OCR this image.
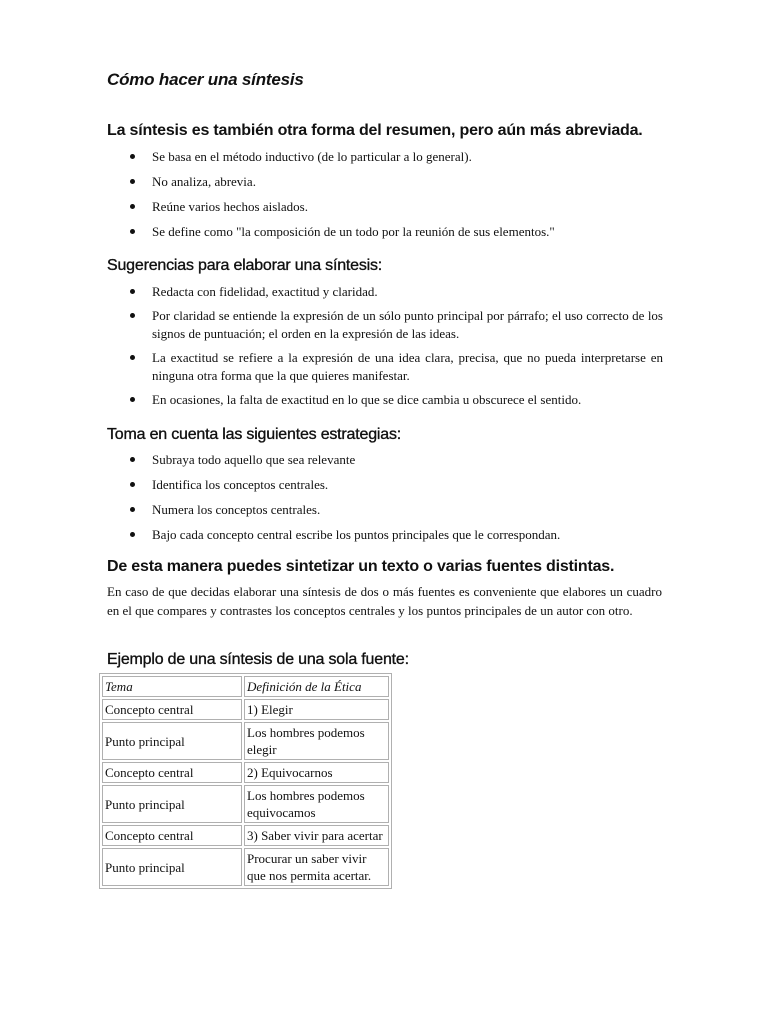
Cómo hacer una síntesis
La síntesis es también otra forma del resumen, pero aún más abreviada.
Se basa en el método inductivo (de lo particular a lo general).
No analiza, abrevia.
Reúne varios hechos aislados.
Se define como "la composición de un todo por la reunión de sus elementos."
Sugerencias para elaborar una síntesis:
Redacta con fidelidad, exactitud y claridad.
Por claridad se entiende la expresión de un sólo punto principal por párrafo; el uso correcto de los signos de puntuación; el orden en la expresión de las ideas.
La exactitud se refiere a la expresión de una idea clara, precisa, que no pueda interpretarse en ninguna otra forma que la que quieres manifestar.
En ocasiones, la falta de exactitud en lo que se dice cambia u obscurece el sentido.
Toma en cuenta las siguientes estrategias:
Subraya todo aquello que sea relevante
Identifica los conceptos centrales.
Numera los conceptos centrales.
Bajo cada concepto central escribe los puntos principales que le correspondan.
De esta manera puedes sintetizar un texto o varias fuentes distintas.

En caso de que decidas elaborar una síntesis de dos o más fuentes es conveniente que elabores un cuadro en el que compares y contrastes los conceptos centrales y los puntos principales de un autor con otro.

Ejemplo de una síntesis de una sola fuente:
Tema	Definición de la Ética
Concepto central	1) Elegir
Punto principal	Los hombres podemos elegir
Concepto central	2) Equivocarnos
Punto principal	Los hombres podemos equivocamos
Concepto central	3) Saber vivir para acertar
Punto principal	Procurar un saber vivir que nos permita acertar.
